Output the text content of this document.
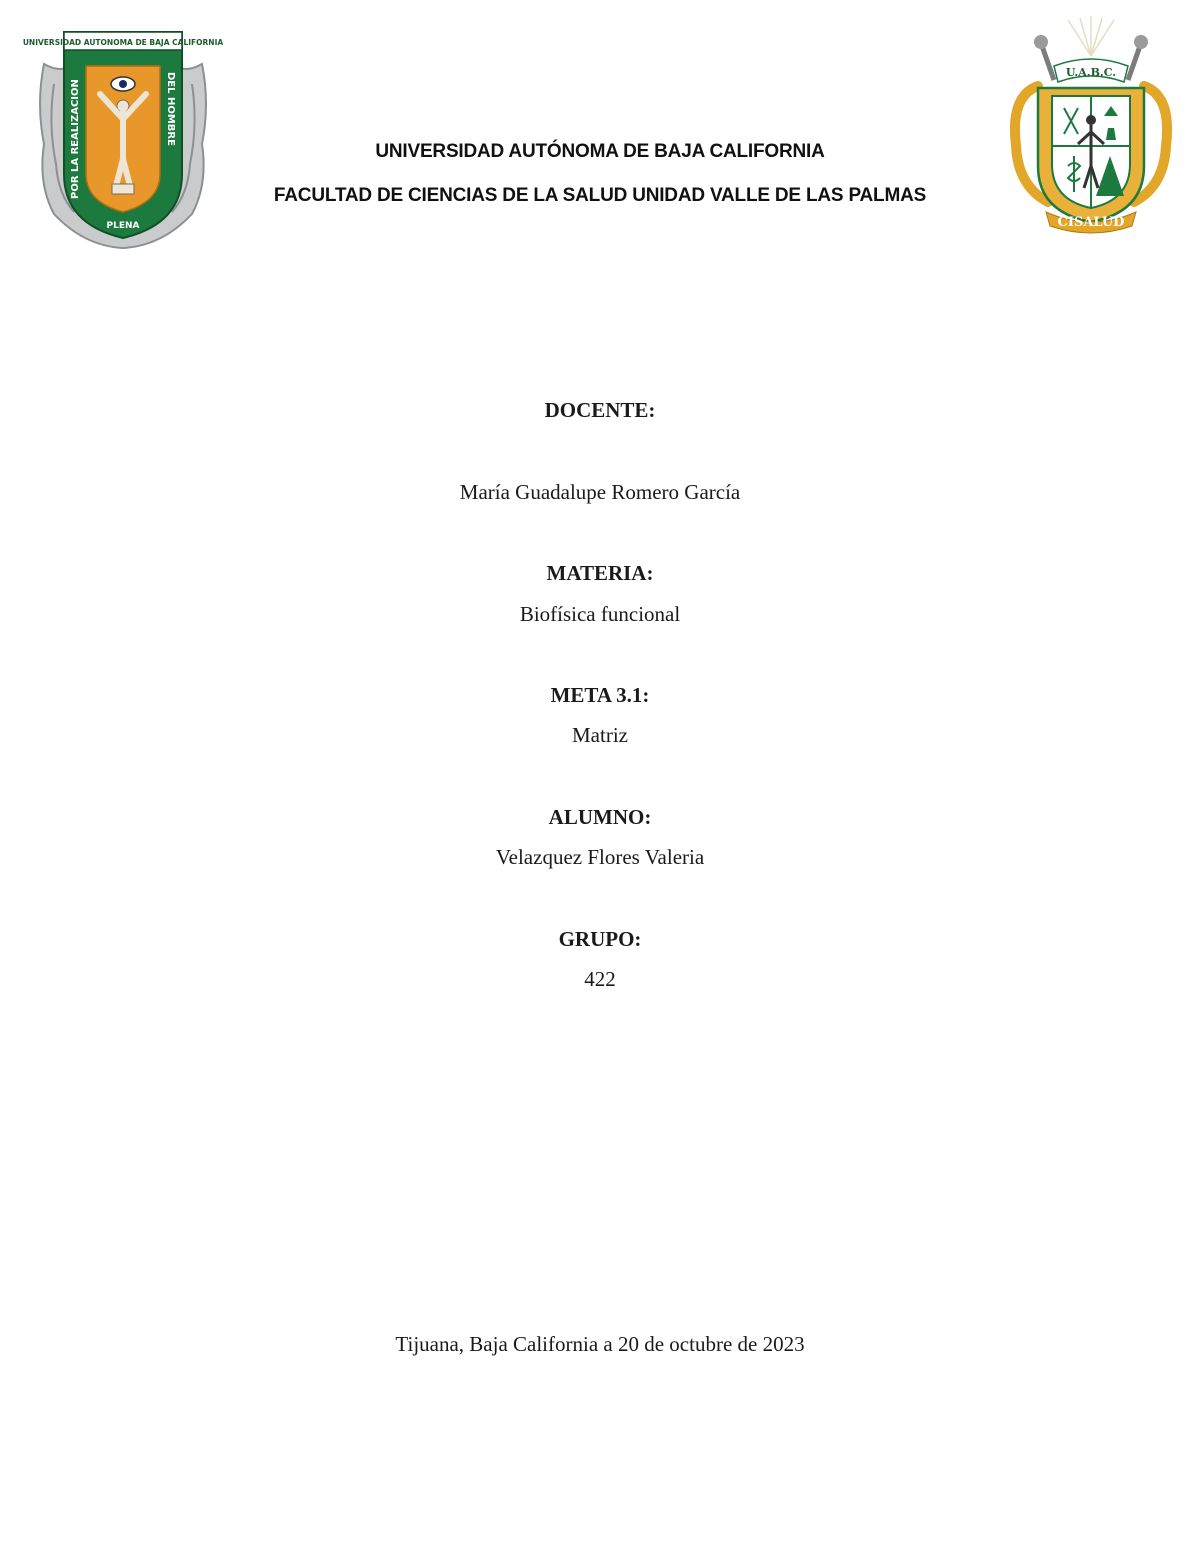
UNIVERSIDAD AUTONOMA DE BAJA CALIFORNIA
POR LA REALIZACION	DEL HOMBRE
PLENA
U.A.B.C.
CISALUD
UNIVERSIDAD AUTÓNOMA DE BAJA CALIFORNIA
FACULTAD DE CIENCIAS DE LA SALUD UNIDAD VALLE DE LAS PALMAS
DOCENTE:
María Guadalupe Romero García
MATERIA:
Biofísica funcional
META 3.1:
Matriz
ALUMNO:
Velazquez Flores Valeria
GRUPO:
422
Tijuana, Baja California a 20 de octubre de 2023
